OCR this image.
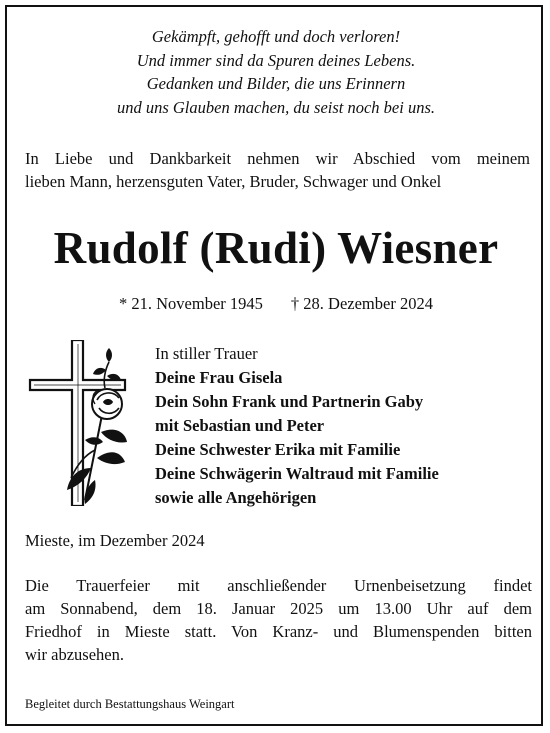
Gekämpft, gehofft und doch verloren!
Und immer sind da Spuren deines Lebens.
Gedanken und Bilder, die uns Erinnern
und uns Glauben machen, du seist noch bei uns.
In Liebe und Dankbarkeit nehmen wir Abschied vom meinem
lieben Mann, herzensguten Vater, Bruder, Schwager und Onkel
Rudolf (Rudi) Wiesner
* 21. November 1945 † 28. Dezember 2024
In stiller Trauer
Deine Frau Gisela
Dein Sohn Frank und Partnerin Gaby
mit Sebastian und Peter
Deine Schwester Erika mit Familie
Deine Schwägerin Waltraud mit Familie
sowie alle Angehörigen
Mieste, im Dezember 2024
Die Trauerfeier mit anschließender Urnenbeisetzung findet
am Sonnabend, dem 18. Januar 2025 um 13.00 Uhr auf dem
Friedhof in Mieste statt. Von Kranz- und Blumenspenden bitten
wir abzusehen.
Begleitet durch Bestattungshaus Weingart
